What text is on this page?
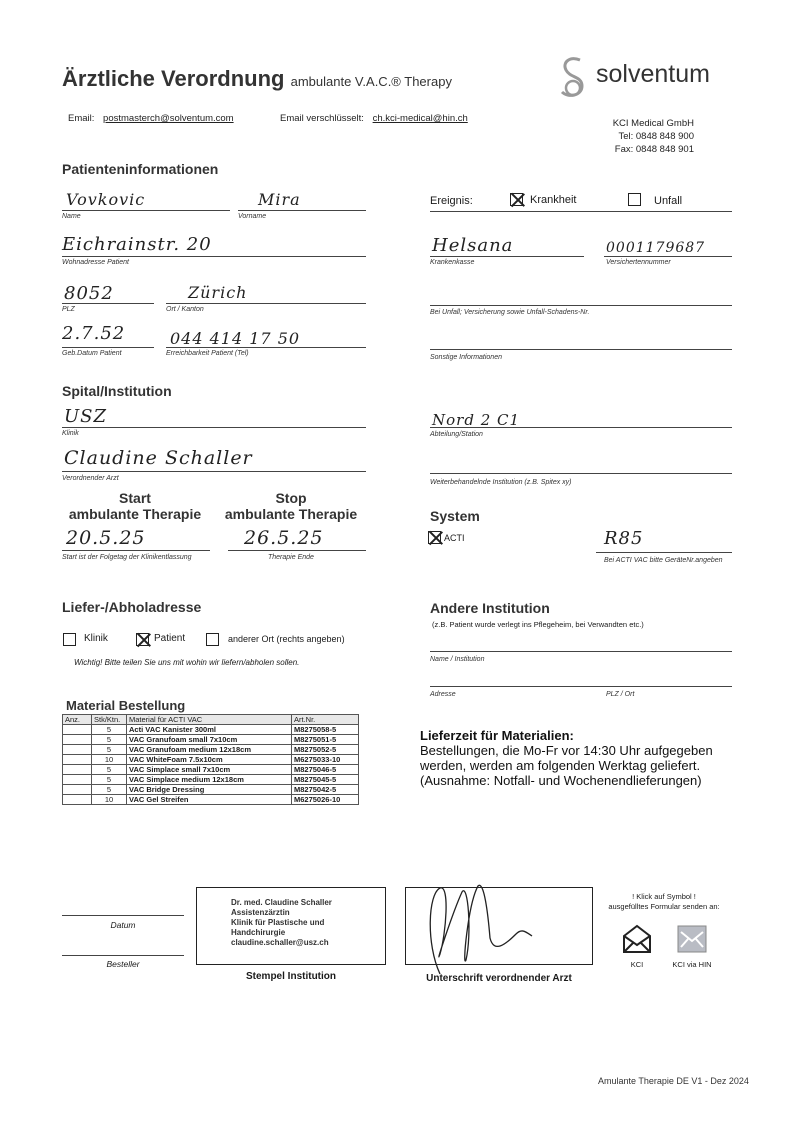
Ärztliche Verordnung ambulante V.A.C.® Therapy	solventum
Email: postmasterch@solventum.com	Email verschlüsselt: ch.kci-medical@hin.ch	KCI Medical GmbH
Tel: 0848 848 900
Fax: 0848 848 901
Patienteninformationen
Vovkovic
Name
Mira
Vorname
Eichrainstr. 20
Wohnadresse Patient
8052
PLZ
Zürich
Ort / Kanton
2.7.52
Geb.Datum Patient
044 414 17 50
Erreichbarkeit Patient (Tel)
Ereignis:	Krankheit	Unfall
Helsana
Krankenkasse
0001179687
Versichertennummer
Bei Unfall; Versicherung sowie Unfall-Schadens-Nr.
Sonstige Informationen
Spital/Institution
USZ
Klinik
Claudine Schaller
Verordnender Arzt
Nord 2 C1
Abteilung/Station
Weiterbehandelnde Institution (z.B. Spitex xy)
Start
ambulante Therapie
Stop
ambulante Therapie
20.5.25
Start ist der Folgetag der Klinikentlassung
26.5.25
Therapie Ende
System
ACTI	R85
Bei ACTI VAC bitte GeräteNr.angeben
Liefer-/Abholadresse
Klinik	Patient	anderer Ort (rechts angeben)
Wichtig! Bitte teilen Sie uns mit wohin wir liefern/abholen sollen.
Andere Institution
(z.B. Patient wurde verlegt ins Pflegeheim, bei Verwandten etc.)
Name / Institution
Adresse	PLZ / Ort
Material Bestellung
Anz.	Stk/Ktn.	Material für ACTI VAC	Art.Nr.
	5	Acti VAC Kanister 300ml	M8275058-5
	5	VAC Granufoam small 7x10cm	M8275051-5
	5	VAC Granufoam medium 12x18cm	M8275052-5
	10	VAC WhiteFoam 7.5x10cm	M6275033-10
	5	VAC Simplace small 7x10cm	M8275046-5
	5	VAC Simplace medium 12x18cm	M8275045-5
	5	VAC Bridge Dressing	M8275042-5
	10	VAC Gel Streifen	M6275026-10
Lieferzeit für Materialien:
Bestellungen, die Mo-Fr vor 14:30 Uhr aufgegeben
werden, werden am folgenden Werktag geliefert.
(Ausnahme: Notfall- und Wochenendlieferungen)
Datum
Besteller
Dr. med. Claudine Schaller
Assistenzärztin
Klinik für Plastische und
Handchirurgie
claudine.schaller@usz.ch
Stempel Institution	Unterschrift verordnender Arzt
! Klick auf Symbol !
ausgefülltes Formular senden an:
KCI	KCI via HIN
Amulante Therapie DE V1 - Dez 2024
